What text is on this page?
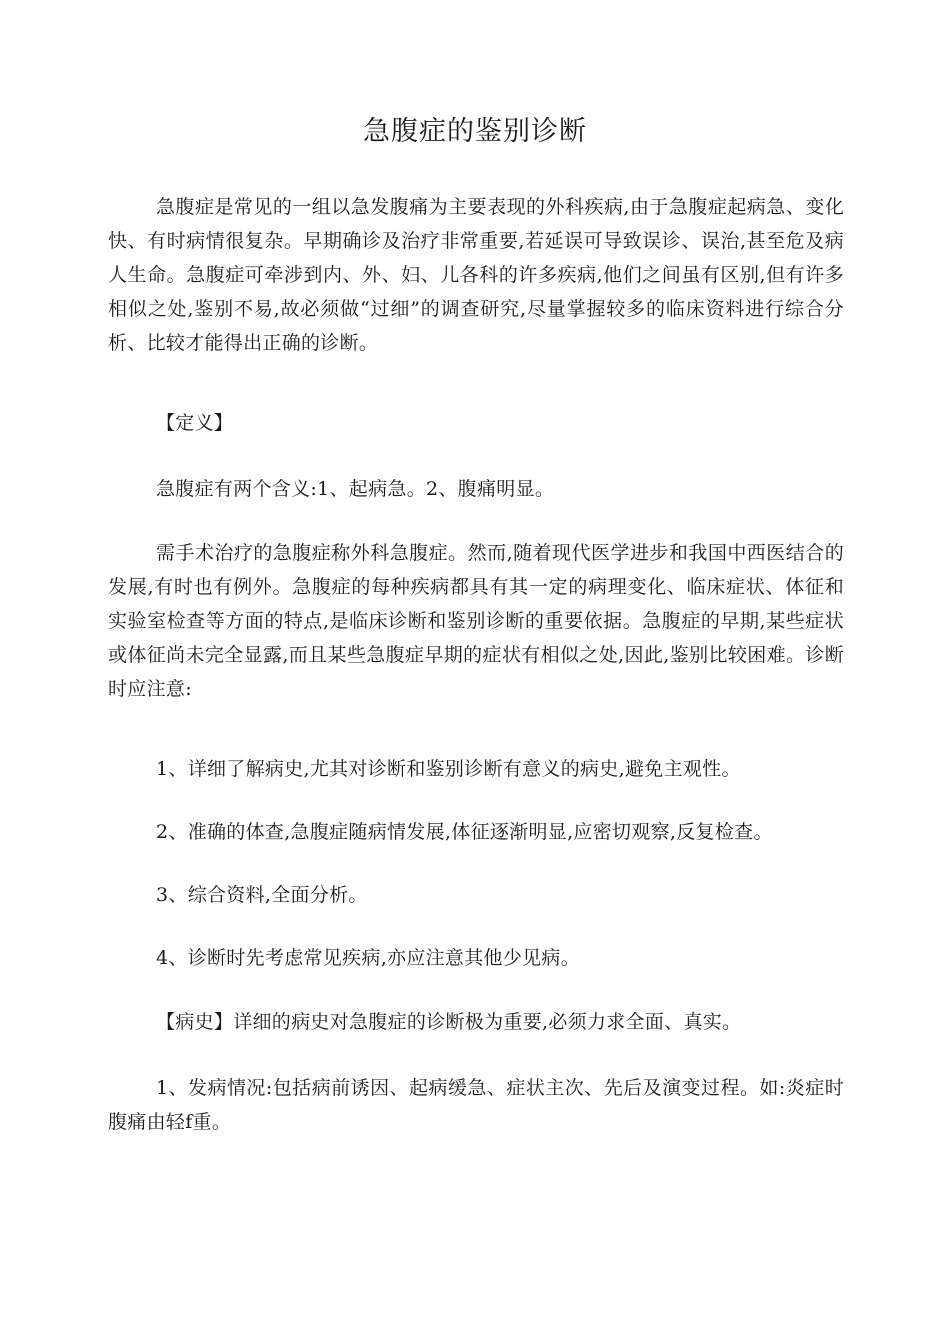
急腹症的鉴别诊断

急腹症是常见的一组以急发腹痛为主要表现的外科疾病,由于急腹症起病急、变化快、有时病情很复杂。早期确诊及治疗非常重要,若延误可导致误诊、误治,甚至危及病人生命。急腹症可牵涉到内、外、妇、儿各科的许多疾病,他们之间虽有区别,但有许多相似之处,鉴别不易,故必须做“过细”的调查研究,尽量掌握较多的临床资料进行综合分析、比较才能得出正确的诊断。

【定义】

急腹症有两个含义:1、起病急。2、腹痛明显。

需手术治疗的急腹症称外科急腹症。然而,随着现代医学进步和我国中西医结合的发展,有时也有例外。急腹症的每种疾病都具有其一定的病理变化、临床症状、体征和实验室检查等方面的特点,是临床诊断和鉴别诊断的重要依据。急腹症的早期,某些症状或体征尚未完全显露,而且某些急腹症早期的症状有相似之处,因此,鉴别比较困难。诊断时应注意:

1、详细了解病史,尤其对诊断和鉴别诊断有意义的病史,避免主观性。

2、准确的体查,急腹症随病情发展,体征逐渐明显,应密切观察,反复检查。

3、综合资料,全面分析。

4、诊断时先考虑常见疾病,亦应注意其他少见病。

【病史】详细的病史对急腹症的诊断极为重要,必须力求全面、真实。

1、发病情况:包括病前诱因、起病缓急、症状主次、先后及演变过程。如:炎症时腹痛由轻f重。
